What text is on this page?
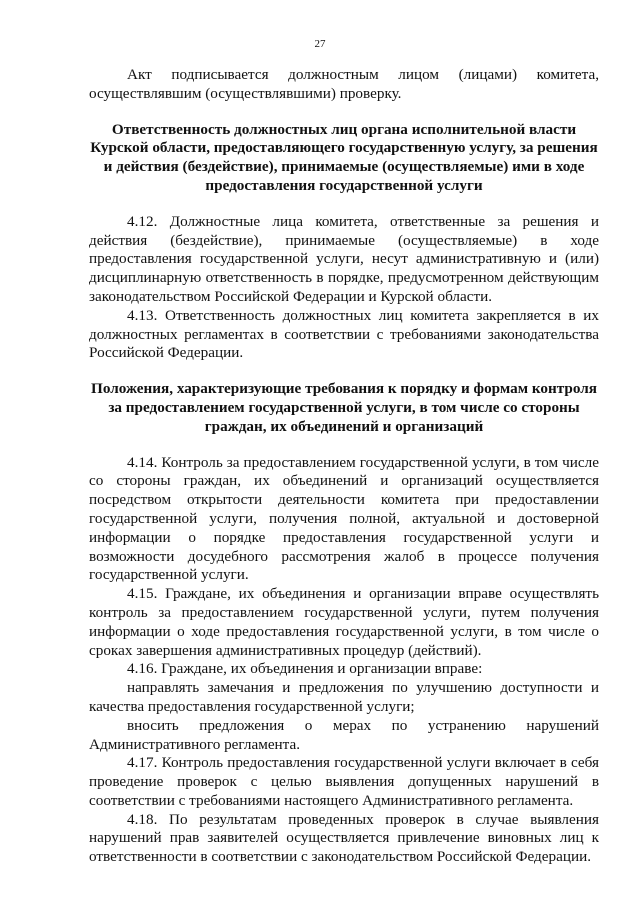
27

Акт подписывается должностным лицом (лицами) комитета, осуществлявшим (осуществлявшими) проверку.

Ответственность должностных лиц органа исполнительной власти Курской области, предоставляющего государственную услугу, за решения и действия (бездействие), принимаемые (осуществляемые) ими в ходе предоставления государственной услуги

4.12. Должностные лица комитета, ответственные за решения и действия (бездействие), принимаемые (осуществляемые) в ходе предоставления государственной услуги, несут административную и (или) дисциплинарную ответственность в порядке, предусмотренном действующим законодательством Российской Федерации и Курской области.

4.13. Ответственность должностных лиц комитета закрепляется в их должностных регламентах в соответствии с требованиями законодательства Российской Федерации.

Положения, характеризующие требования к порядку и формам контроля за предоставлением государственной услуги, в том числе со стороны граждан, их объединений и организаций

4.14. Контроль за предоставлением государственной услуги, в том числе со стороны граждан, их объединений и организаций осуществляется посредством открытости деятельности комитета при предоставлении государственной услуги, получения полной, актуальной и достоверной информации о порядке предоставления государственной услуги и возможности досудебного рассмотрения жалоб в процессе получения государственной услуги.

4.15. Граждане, их объединения и организации вправе осуществлять контроль за предоставлением государственной услуги, путем получения информации о ходе предоставления государственной услуги, в том числе о сроках завершения административных процедур (действий).

4.16. Граждане, их объединения и организации вправе:

направлять замечания и предложения по улучшению доступности и качества предоставления государственной услуги;

вносить предложения о мерах по устранению нарушений Административного регламента.

4.17. Контроль предоставления государственной услуги включает в себя проведение проверок с целью выявления допущенных нарушений в соответствии с требованиями настоящего Административного регламента.

4.18. По результатам проведенных проверок в случае выявления нарушений прав заявителей осуществляется привлечение виновных лиц к ответственности в соответствии с законодательством Российской Федерации.
